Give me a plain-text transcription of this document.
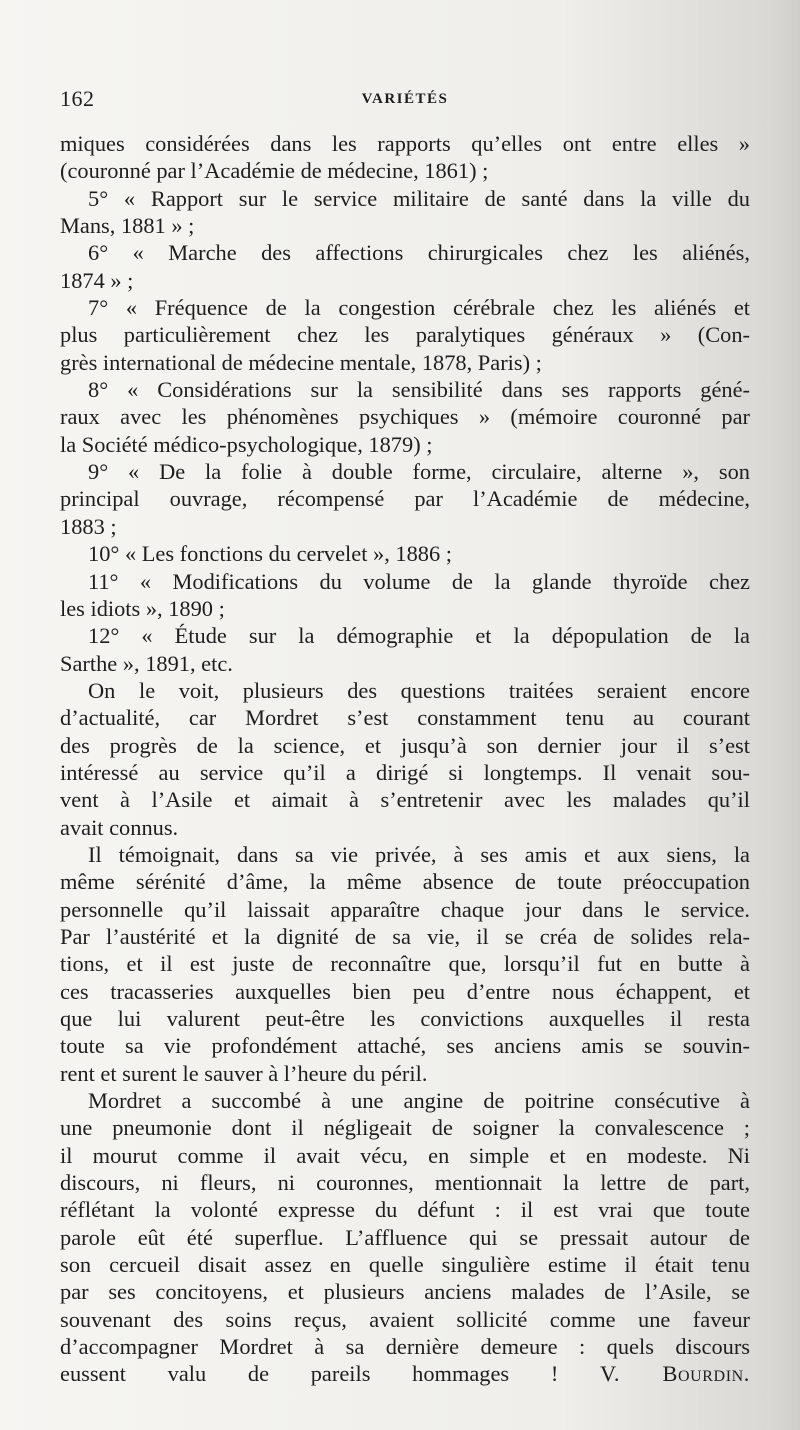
162	VARIÉTÉS
miques considérées dans les rapports qu’elles ont entre elles »
(couronné par l’Académie de médecine, 1861) ;
5° « Rapport sur le service militaire de santé dans la ville du
Mans, 1881 » ;
6° « Marche des affections chirurgicales chez les aliénés,
1874 » ;
7° « Fréquence de la congestion cérébrale chez les aliénés et
plus particulièrement chez les paralytiques généraux » (Con-
grès international de médecine mentale, 1878, Paris) ;
8° « Considérations sur la sensibilité dans ses rapports géné-
raux avec les phénomènes psychiques » (mémoire couronné par
la Société médico-psychologique, 1879) ;
9° « De la folie à double forme, circulaire, alterne », son
principal ouvrage, récompensé par l’Académie de médecine,
1883 ;
10° « Les fonctions du cervelet », 1886 ;
11° « Modifications du volume de la glande thyroïde chez
les idiots », 1890 ;
12° « Étude sur la démographie et la dépopulation de la
Sarthe », 1891, etc.
On le voit, plusieurs des questions traitées seraient encore
d’actualité, car Mordret s’est constamment tenu au courant
des progrès de la science, et jusqu’à son dernier jour il s’est
intéressé au service qu’il a dirigé si longtemps. Il venait sou-
vent à l’Asile et aimait à s’entretenir avec les malades qu’il
avait connus.
Il témoignait, dans sa vie privée, à ses amis et aux siens, la
même sérénité d’âme, la même absence de toute préoccupation
personnelle qu’il laissait apparaître chaque jour dans le service.
Par l’austérité et la dignité de sa vie, il se créa de solides rela-
tions, et il est juste de reconnaître que, lorsqu’il fut en butte à
ces tracasseries auxquelles bien peu d’entre nous échappent, et
que lui valurent peut-être les convictions auxquelles il resta
toute sa vie profondément attaché, ses anciens amis se souvin-
rent et surent le sauver à l’heure du péril.
Mordret a succombé à une angine de poitrine consécutive à
une pneumonie dont il négligeait de soigner la convalescence ;
il mourut comme il avait vécu, en simple et en modeste. Ni
discours, ni fleurs, ni couronnes, mentionnait la lettre de part,
réflétant la volonté expresse du défunt : il est vrai que toute
parole eût été superflue. L’affluence qui se pressait autour de
son cercueil disait assez en quelle singulière estime il était tenu
par ses concitoyens, et plusieurs anciens malades de l’Asile, se
souvenant des soins reçus, avaient sollicité comme une faveur
d’accompagner Mordret à sa dernière demeure : quels discours
eussent valu de pareils hommages ! V. Bourdin.
